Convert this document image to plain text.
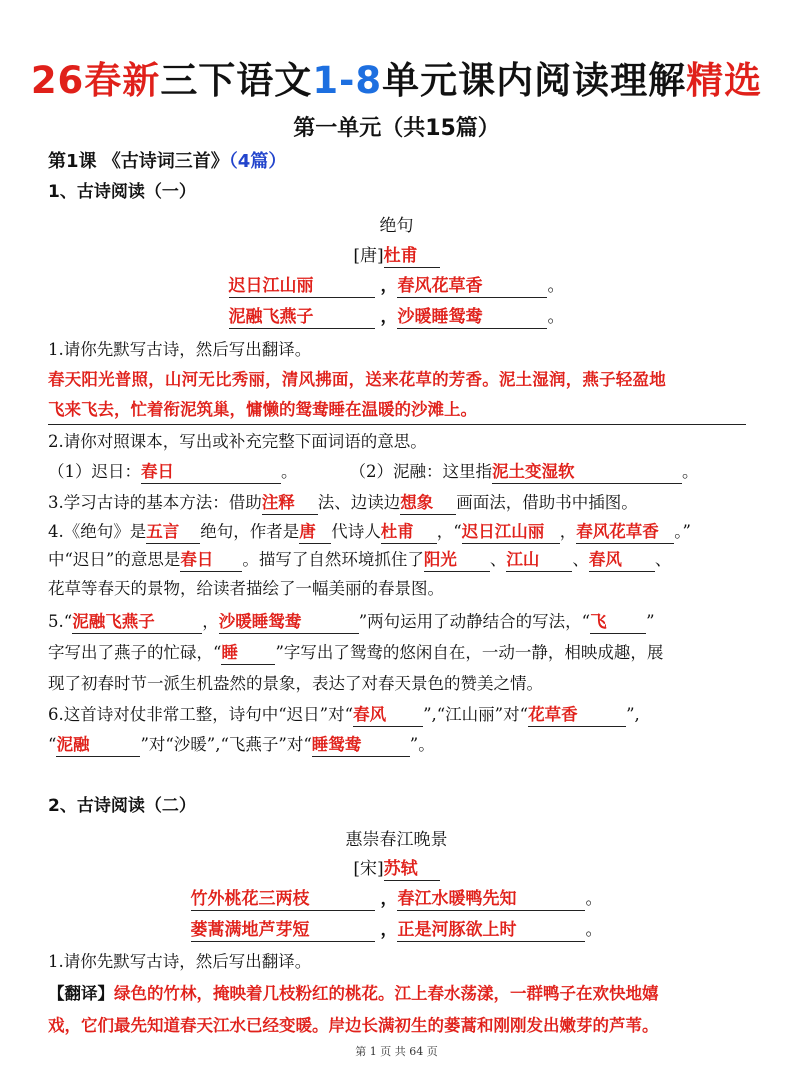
26春新三下语文1-8单元课内阅读理解精选
第一单元（共15篇）
第1课 《古诗词三首》（4篇）
1、古诗阅读（一）
绝句
[唐]杜甫
迟日江山丽	，春风花草香	。
泥融飞燕子	，沙暖睡鸳鸯	。
1.请你先默写古诗，然后写出翻译。
春天阳光普照，山河无比秀丽，清风拂面，送来花草的芳香。泥土湿润，燕子轻盈地
飞来飞去，忙着衔泥筑巢，慵懒的鸳鸯睡在温暖的沙滩上。
2.请你对照课本，写出或补充完整下面词语的意思。
（1）迟日：春日	。	（2）泥融：这里指泥土变湿软	。
3.学习古诗的基本方法：借助注释 法、边读边想象 画面法，借助书中插图。
4.《绝句》是五言 绝句，作者是唐 代诗人杜甫 ，“迟日江山丽 ，春风花草香 。”
中“迟日”的意思是春日 。描写了自然环境抓住了阳光 、江山 、春风 、
花草等春天的景物，给读者描绘了一幅美丽的春景图。
5.“泥融飞燕子	，沙暖睡鸳鸯	”两句运用了动静结合的写法，“飞 ”
字写出了燕子的忙碌，“睡 ”字写出了鸳鸯的悠闲自在，一动一静，相映成趣，展
现了初春时节一派生机盎然的景象，表达了对春天景色的赞美之情。
6.这首诗对仗非常工整，诗句中“迟日”对“春风 ”,“江山丽”对“花草香	”,
“泥融	”对“沙暖”,“飞燕子”对“睡鸳鸯	”。
2、古诗阅读（二）
惠崇春江晚景
[宋]苏轼
竹外桃花三两枝	，春江水暖鸭先知	。
蒌蒿满地芦芽短	，正是河豚欲上时	。
1.请你先默写古诗，然后写出翻译。
【翻译】绿色的竹林，掩映着几枝粉红的桃花。江上春水荡漾，一群鸭子在欢快地嬉
戏，它们最先知道春天江水已经变暖。岸边长满初生的蒌蒿和刚刚发出嫩芽的芦苇。
第 1 页 共 64 页
